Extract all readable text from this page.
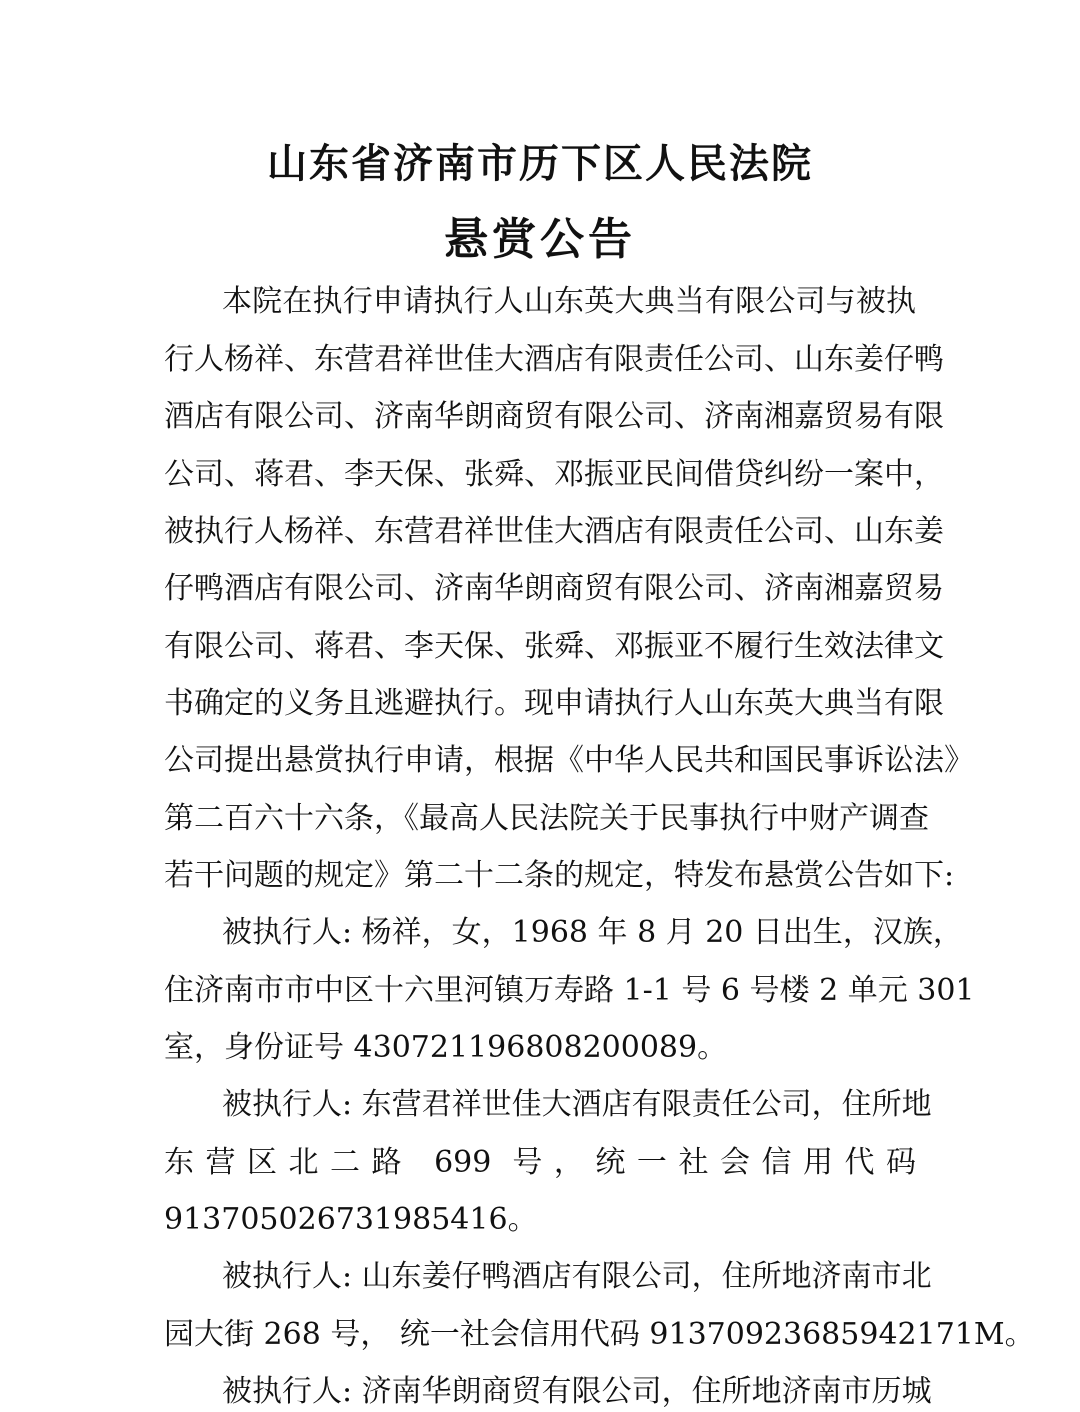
山东省济南市历下区人民法院
悬赏公告
本院在执行申请执行人山东英大典当有限公司与被执
行人杨祥、东营君祥世佳大酒店有限责任公司、山东姜仔鸭
酒店有限公司、济南华朗商贸有限公司、济南湘嘉贸易有限
公司、蒋君、李天保、张舜、邓振亚民间借贷纠纷一案中，
被执行人杨祥、东营君祥世佳大酒店有限责任公司、山东姜
仔鸭酒店有限公司、济南华朗商贸有限公司、济南湘嘉贸易
有限公司、蒋君、李天保、张舜、邓振亚不履行生效法律文
书确定的义务且逃避执行。现申请执行人山东英大典当有限
公司提出悬赏执行申请，根据《中华人民共和国民事诉讼法》
第二百六十六条，《最高人民法院关于民事执行中财产调查
若干问题的规定》第二十二条的规定，特发布悬赏公告如下:
被执行人: 杨祥，女，1968 年 8 月 20 日出生，汉族，
住济南市市中区十六里河镇万寿路 1-1 号 6 号楼 2 单元 301
室，身份证号 430721196808200089。
被执行人: 东营君祥世佳大酒店有限责任公司，住所地
东营区北二路 699 号，统一社会信用代码
913705026731985416。
被执行人: 山东姜仔鸭酒店有限公司，住所地济南市北
园大街 268 号， 统一社会信用代码 91370923685942171M。
被执行人: 济南华朗商贸有限公司，住所地济南市历城
